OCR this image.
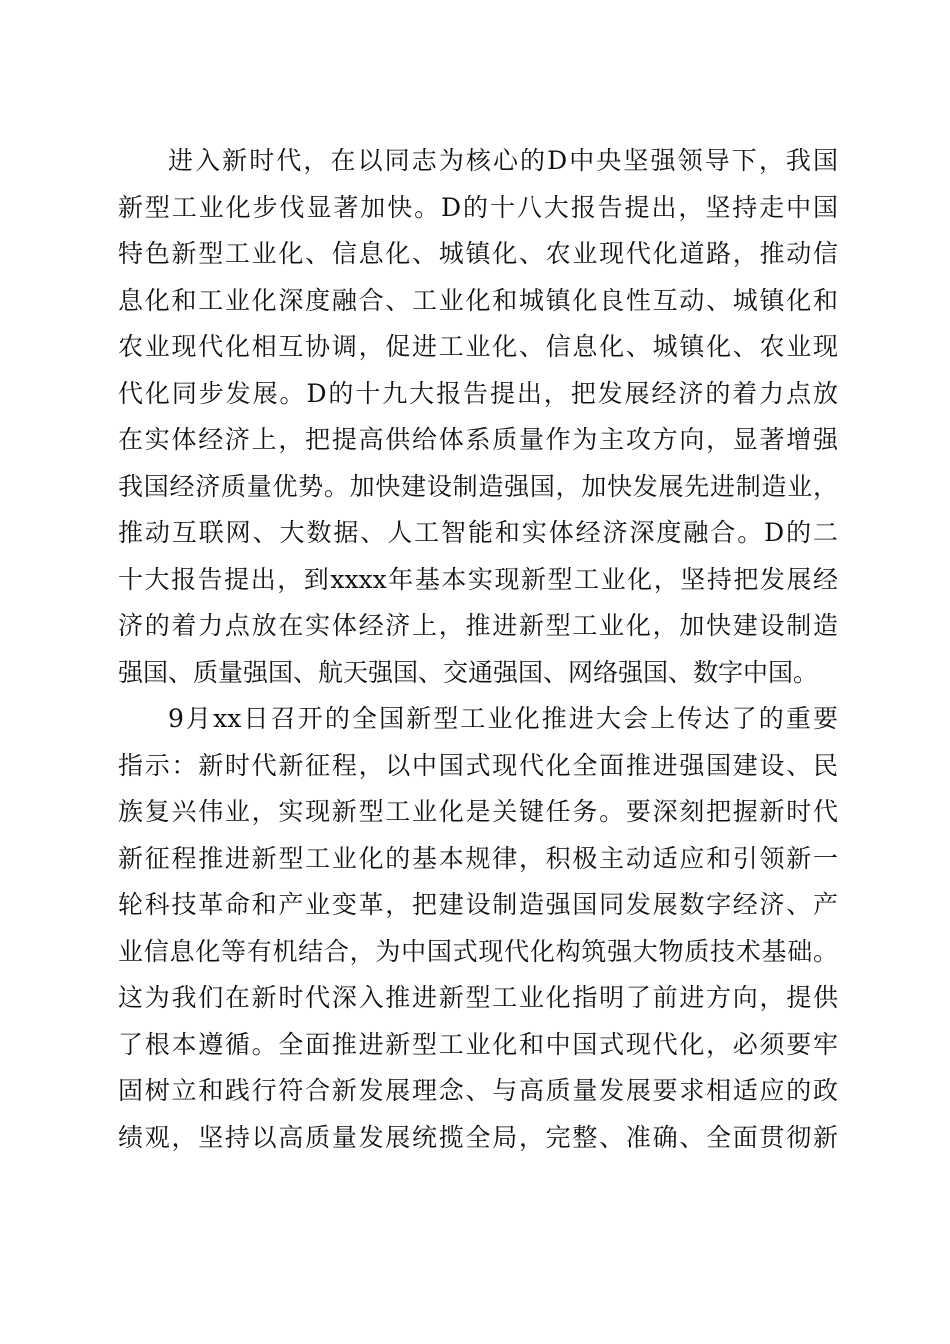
进入新时代，在以同志为核心的D中央坚强领导下，我国
新型工业化步伐显著加快。D的十八大报告提出，坚持走中国
特色新型工业化、信息化、城镇化、农业现代化道路，推动信
息化和工业化深度融合、工业化和城镇化良性互动、城镇化和
农业现代化相互协调，促进工业化、信息化、城镇化、农业现
代化同步发展。D的十九大报告提出，把发展经济的着力点放
在实体经济上，把提高供给体系质量作为主攻方向，显著增强
我国经济质量优势。加快建设制造强国，加快发展先进制造业，
推动互联网、大数据、人工智能和实体经济深度融合。D的二
十大报告提出，到xxxx年基本实现新型工业化，坚持把发展经
济的着力点放在实体经济上，推进新型工业化，加快建设制造
强国、质量强国、航天强国、交通强国、网络强国、数字中国。
9月xx日召开的全国新型工业化推进大会上传达了的重要
指示：新时代新征程，以中国式现代化全面推进强国建设、民
族复兴伟业，实现新型工业化是关键任务。要深刻把握新时代
新征程推进新型工业化的基本规律，积极主动适应和引领新一
轮科技革命和产业变革，把建设制造强国同发展数字经济、产
业信息化等有机结合，为中国式现代化构筑强大物质技术基础。
这为我们在新时代深入推进新型工业化指明了前进方向，提供
了根本遵循。全面推进新型工业化和中国式现代化，必须要牢
固树立和践行符合新发展理念、与高质量发展要求相适应的政
绩观，坚持以高质量发展统揽全局，完整、准确、全面贯彻新
